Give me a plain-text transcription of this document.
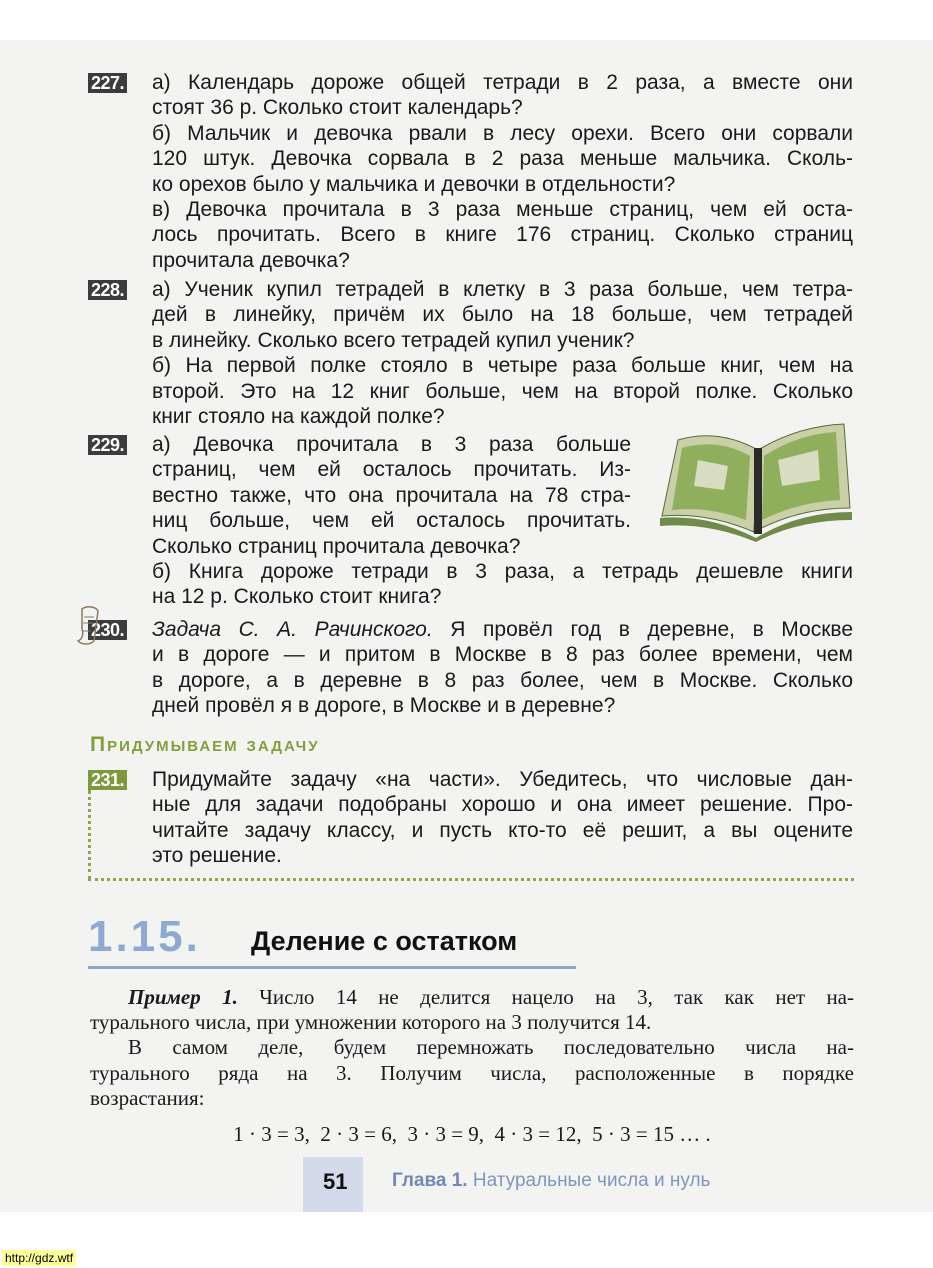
227. а) Календарь дороже общей тетради в 2 раза, а вместе они
стоят 36 р. Сколько стоит календарь?
б) Мальчик и девочка рвали в лесу орехи. Всего они сорвали
120 штук. Девочка сорвала в 2 раза меньше мальчика. Сколь-
ко орехов было у мальчика и девочки в отдельности?
в) Девочка прочитала в 3 раза меньше страниц, чем ей оста-
лось прочитать. Всего в книге 176 страниц. Сколько страниц
прочитала девочка?
228. а) Ученик купил тетрадей в клетку в 3 раза больше, чем тетра-
дей в линейку, причём их было на 18 больше, чем тетрадей
в линейку. Сколько всего тетрадей купил ученик?
б) На первой полке стояло в четыре раза больше книг, чем на
второй. Это на 12 книг больше, чем на второй полке. Сколько
книг стояло на каждой полке?
229. а) Девочка прочитала в 3 раза больше
страниц, чем ей осталось прочитать. Из-
вестно также, что она прочитала на 78 стра-
ниц больше, чем ей осталось прочитать.
Сколько страниц прочитала девочка?
б) Книга дороже тетради в 3 раза, а тетрадь дешевле книги
на 12 р. Сколько стоит книга?
230. Задача С. А. Рачинского. Я провёл год в деревне, в Москве
и в дороге — и притом в Москве в 8 раз более времени, чем
в дороге, а в деревне в 8 раз более, чем в Москве. Сколько
дней провёл я в дороге, в Москве и в деревне?
Придумываем задачу
231. Придумайте задачу «на части». Убедитесь, что числовые дан-
ные для задачи подобраны хорошо и она имеет решение. Про-
читайте задачу классу, и пусть кто-то её решит, а вы оцените
это решение.
1.15. Деление с остатком
Пример 1. Число 14 не делится нацело на 3, так как нет на-
турального числа, при умножении которого на 3 получится 14.
В самом деле, будем перемножать последовательно числа на-
турального ряда на 3. Получим числа, расположенные в порядке
возрастания:
1 · 3 = 3,  2 · 3 = 6,  3 · 3 = 9,  4 · 3 = 12,  5 · 3 = 15 … .
51 Глава 1. Натуральные числа и нуль
http://gdz.wtf
